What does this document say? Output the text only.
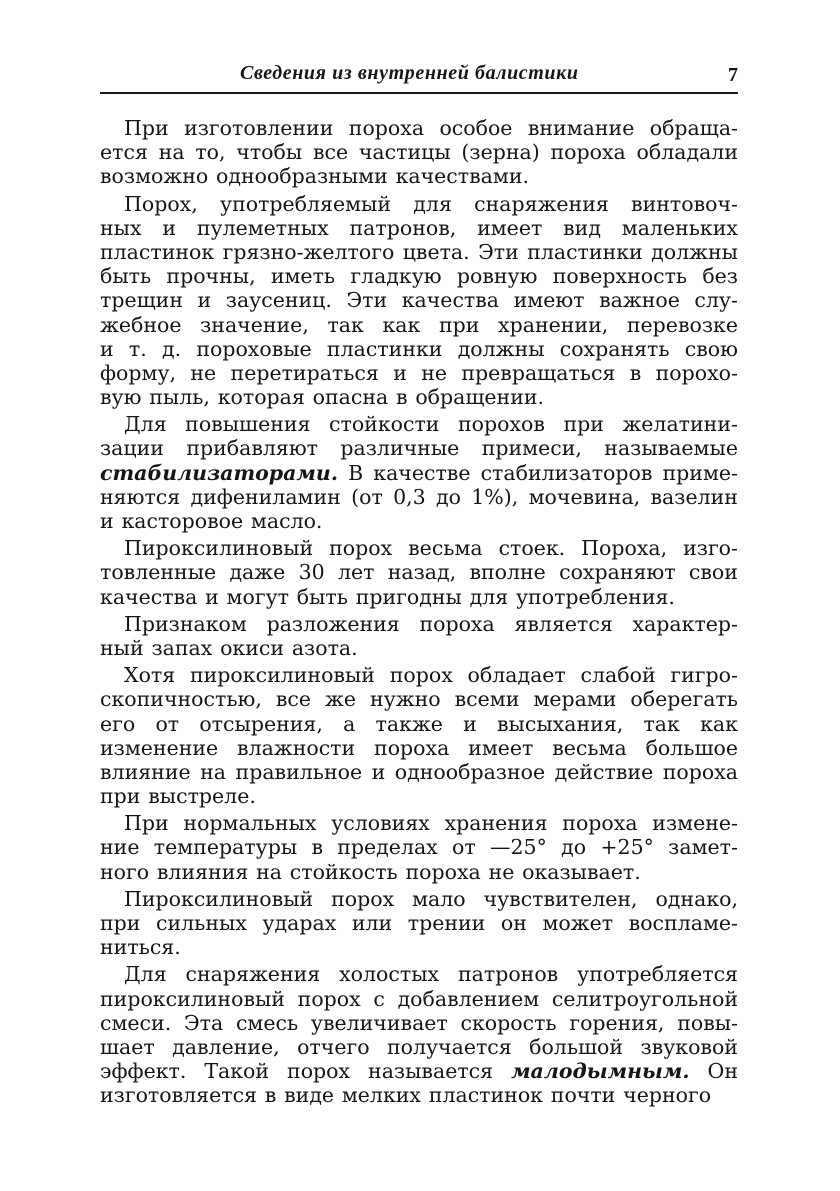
Сведения из внутренней балистики	7
При изготовлении пороха особое внимание обраща-
ется на то, чтобы все частицы (зерна) пороха обладали
возможно однообразными качествами.
Порох, употребляемый для снаряжения винтовоч-
ных и пулеметных патронов, имеет вид маленьких
пластинок грязно-желтого цвета. Эти пластинки должны
быть прочны, иметь гладкую ровную поверхность без
трещин и заусениц. Эти качества имеют важное слу-
жебное значение, так как при хранении, перевозке
и т. д. пороховые пластинки должны сохранять свою
форму, не перетираться и не превращаться в порохо-
вую пыль, которая опасна в обращении.
Для повышения стойкости порохов при желатини-
зации прибавляют различные примеси, называемые
стабилизаторами. В качестве стабилизаторов приме-
няются дифениламин (от 0,3 до 1%), мочевина, вазелин
и касторовое масло.
Пироксилиновый порох весьма стоек. Пороха, изго-
товленные даже 30 лет назад, вполне сохраняют свои
качества и могут быть пригодны для употребления.
Признаком разложения пороха является характер-
ный запах окиси азота.
Хотя пироксилиновый порох обладает слабой гигро-
скопичностью, все же нужно всеми мерами оберегать
его от отсырения, а также и высыхания, так как
изменение влажности пороха имеет весьма большое
влияние на правильное и однообразное действие пороха
при выстреле.
При нормальных условиях хранения пороха измене-
ние температуры в пределах от —25° до +25° замет-
ного влияния на стойкость пороха не оказывает.
Пироксилиновый порох мало чувствителен, однако,
при сильных ударах или трении он может воспламе-
ниться.
Для снаряжения холостых патронов употребляется
пироксилиновый порох с добавлением селитроугольной
смеси. Эта смесь увеличивает скорость горения, повы-
шает давление, отчего получается большой звуковой
эффект. Такой порох называется малодымным. Он
изготовляется в виде мелких пластинок почти черного
